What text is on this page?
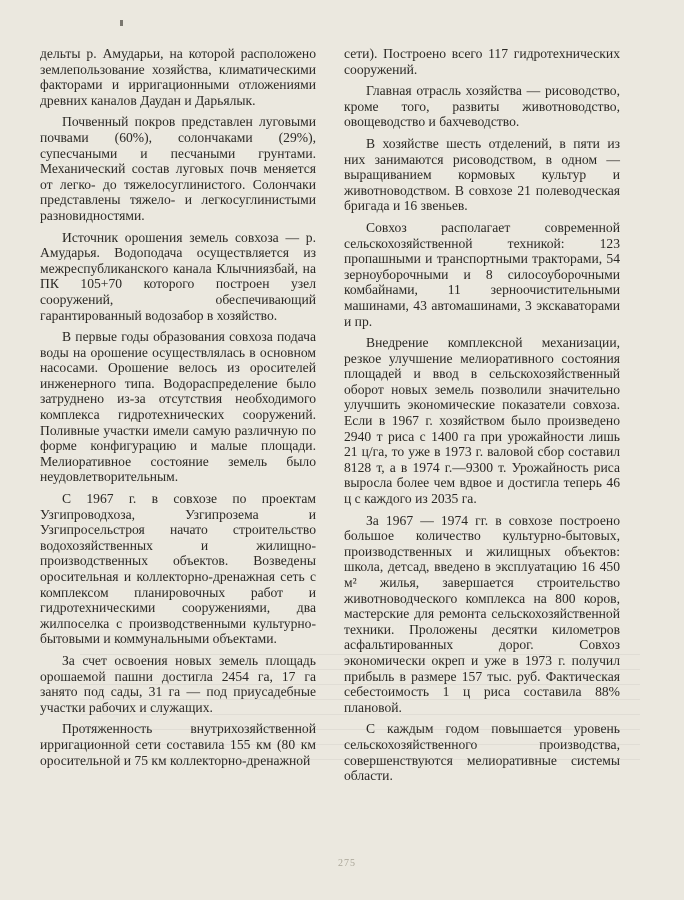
дельты р. Амударьи, на которой расположено землепользование хозяйства, климатическими факторами и ирригационными отложениями древних каналов Даудан и Дарьялык.

Почвенный покров представлен луговыми почвами (60%), солончаками (29%), супесчаными и песчаными грунтами. Механический состав луговых почв меняется от легко- до тяжелосуглинистого. Солончаки представлены тяжело- и легкосуглинистыми разновидностями.

Источник орошения земель совхоза — р. Амударья. Водоподача осуществляется из межреспубликанского канала Клычниязбай, на ПК 105+70 которого построен узел сооружений, обеспечивающий гарантированный водозабор в хозяйство.

В первые годы образования совхоза подача воды на орошение осуществлялась в основном насосами. Орошение велось из оросителей инженерного типа. Водораспределение было затруднено из-за отсутствия необходимого комплекса гидротехнических сооружений. Поливные участки имели самую различную по форме конфигурацию и малые площади. Мелиоративное состояние земель было неудовлетворительным.

С 1967 г. в совхозе по проектам Узгипроводхоза, Узгипрозема и Узгипросельстроя начато строительство водохозяйственных и жилищно-производственных объектов. Возведены оросительная и коллекторно-дренажная сеть с комплексом планировочных работ и гидротехническими сооружениями, два жилпоселка с производственными культурно-бытовыми и коммунальными объектами.

За счет освоения новых земель площадь орошаемой пашни достигла 2454 га, 17 га занято под сады, 31 га — под приусадебные участки рабочих и служащих.

Протяженность внутрихозяйственной ирригационной сети составила 155 км (80 км оросительной и 75 км коллекторно-дренажной

сети). Построено всего 117 гидротехнических сооружений.

Главная отрасль хозяйства — рисоводство, кроме того, развиты животноводство, овощеводство и бахчеводство.

В хозяйстве шесть отделений, в пяти из них занимаются рисоводством, в одном — выращиванием кормовых культур и животноводством. В совхозе 21 полеводческая бригада и 16 звеньев.

Совхоз располагает современной сельскохозяйственной техникой: 123 пропашными и транспортными тракторами, 54 зерноуборочными и 8 силосоуборочными комбайнами, 11 зерноочистительными машинами, 43 автомашинами, 3 экскаваторами и пр.

Внедрение комплексной механизации, резкое улучшение мелиоративного состояния площадей и ввод в сельскохозяйственный оборот новых земель позволили значительно улучшить экономические показатели совхоза. Если в 1967 г. хозяйством было произведено 2940 т риса с 1400 га при урожайности лишь 21 ц/га, то уже в 1973 г. валовой сбор составил 8128 т, а в 1974 г.—9300 т. Урожайность риса выросла более чем вдвое и достигла теперь 46 ц с каждого из 2035 га.

За 1967 — 1974 гг. в совхозе построено большое количество культурно-бытовых, производственных и жилищных объектов: школа, детсад, введено в эксплуатацию 16 450 м² жилья, завершается строительство животноводческого комплекса на 800 коров, мастерские для ремонта сельскохозяйственной техники. Проложены десятки километров асфальтированных дорог. Совхоз экономически окреп и уже в 1973 г. получил прибыль в размере 157 тыс. руб. Фактическая себестоимость 1 ц риса составила 88% плановой.

С каждым годом повышается уровень сельскохозяйственного производства, совершенствуются мелиоративные системы области.

275
